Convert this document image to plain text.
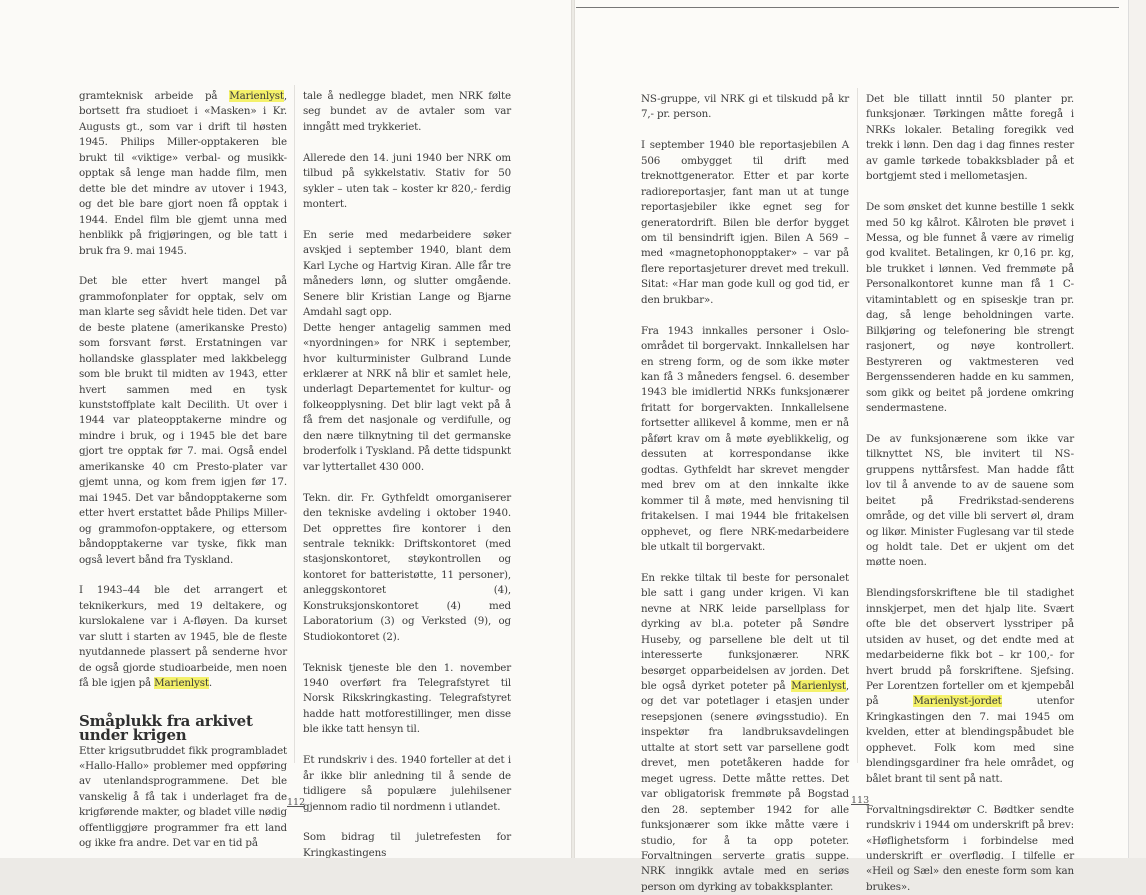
gramteknisk arbeide på Marienlyst, bortsett fra studioet i «Masken» i Kr. Augusts gt., som var i drift til høsten 1945. Philips Miller-opptakeren ble brukt til «viktige» verbal- og musikk-opptak så lenge man hadde film, men dette ble det mindre av utover i 1943, og det ble bare gjort noen få opptak i 1944. Endel film ble gjemt unna med henblikk på frigjøringen, og ble tatt i bruk fra 9. mai 1945.

Det ble etter hvert mangel på grammofonplater for opptak, selv om man klarte seg såvidt hele tiden. Det var de beste platene (amerikanske Presto) som forsvant først. Erstatningen var hollandske glassplater med lakkbelegg som ble brukt til midten av 1943, etter hvert sammen med en tysk kunststoffplate kalt Decilith. Ut over i 1944 var plateopptakerne mindre og mindre i bruk, og i 1945 ble det bare gjort tre opptak før 7. mai. Også endel amerikanske 40 cm Presto-plater var gjemt unna, og kom frem igjen før 17. mai 1945. Det var båndopptakerne som etter hvert erstattet både Philips Miller- og grammofon-opptakere, og ettersom båndopptakerne var tyske, fikk man også levert bånd fra Tyskland.

I 1943–44 ble det arrangert et teknikerkurs, med 19 deltakere, og kurslokalene var i A-fløyen. Da kurset var slutt i starten av 1945, ble de fleste nyutdannede plassert på senderne hvor de også gjorde studioarbeide, men noen få ble igjen på Marienlyst.

Småplukk fra arkivet
under krigen

Etter krigsutbruddet fikk programbladet «Hallo-Hallo» problemer med oppføring av utenlandsprogrammene. Det ble vanskelig å få tak i underlaget fra de krigførende makter, og bladet ville nødig offentliggjøre programmer fra ett land og ikke fra andre. Det var en tid på

tale å nedlegge bladet, men NRK følte seg bundet av de avtaler som var inngått med trykkeriet.

Allerede den 14. juni 1940 ber NRK om tilbud på sykkelstativ. Stativ for 50 sykler – uten tak – koster kr 820,- ferdig montert.

En serie med medarbeidere søker avskjed i september 1940, blant dem Karl Lyche og Hartvig Kiran. Alle får tre måneders lønn, og slutter omgående. Senere blir Kristian Lange og Bjarne Amdahl sagt opp.

Dette henger antagelig sammen med «nyordningen» for NRK i september, hvor kulturminister Gulbrand Lunde erklærer at NRK nå blir et samlet hele, underlagt Departementet for kultur- og folkeopplysning. Det blir lagt vekt på å få frem det nasjonale og verdifulle, og den nære tilknytning til det germanske broderfolk i Tyskland. På dette tidspunkt var lyttertallet 430 000.

Tekn. dir. Fr. Gythfeldt omorganiserer den tekniske avdeling i oktober 1940. Det opprettes fire kontorer i den sentrale teknikk: Driftskontoret (med stasjonskontoret, støykontrollen og kontoret for batteristøtte, 11 personer), anleggskontoret (4), Konstruksjonskontoret (4) med Laboratorium (3) og Verksted (9), og Studiokontoret (2).

Teknisk tjeneste ble den 1. november 1940 overført fra Telegrafstyret til Norsk Rikskringkasting. Telegrafstyret hadde hatt motforestillinger, men disse ble ikke tatt hensyn til.

Et rundskriv i des. 1940 forteller at det i år ikke blir anledning til å sende de tidligere så populære julehilsener gjennom radio til nordmenn i utlandet.

Som bidrag til juletrefesten for Kringkastingens

NS-gruppe, vil NRK gi et tilskudd på kr 7,- pr. person.

I september 1940 ble reportasjebilen A 506 ombygget til drift med treknottgenerator. Etter et par korte radioreportasjer, fant man ut at tunge reportasjebiler ikke egnet seg for generatordrift. Bilen ble derfor bygget om til bensindrift igjen. Bilen A 569 – med «magnetophonopptaker» – var på flere reportasjeturer drevet med trekull. Sitat: «Har man gode kull og god tid, er den brukbar».

Fra 1943 innkalles personer i Oslo-området til borgervakt. Innkallelsen har en streng form, og de som ikke møter kan få 3 måneders fengsel. 6. desember 1943 ble imidlertid NRKs funksjonærer fritatt for borgervakten. Innkallelsene fortsetter allikevel å komme, men er nå påført krav om å møte øyeblikkelig, og dessuten at korrespondanse ikke godtas. Gythfeldt har skrevet mengder med brev om at den innkalte ikke kommer til å møte, med henvisning til fritakelsen. I mai 1944 ble fritakelsen opphevet, og flere NRK-medarbeidere ble utkalt til borgervakt.

En rekke tiltak til beste for personalet ble satt i gang under krigen. Vi kan nevne at NRK leide parsellplass for dyrking av bl.a. poteter på Søndre Huseby, og parsellene ble delt ut til interesserte funksjonærer. NRK besørget opparbeidelsen av jorden. Det ble også dyrket poteter på Marienlyst, og det var potetlager i etasjen under resepsjonen (senere øvingsstudio). En inspektør fra landbruksavdelingen uttalte at stort sett var parsellene godt drevet, men potetåkeren hadde for meget ugress. Dette måtte rettes. Det var obligatorisk fremmøte på Bogstad den 28. september 1942 for alle funksjonærer som ikke måtte være i studio, for å ta opp poteter. Forvaltningen serverte gratis suppe. NRK inngikk avtale med en seriøs person om dyrking av tobakksplanter.

Det ble tillatt inntil 50 planter pr. funksjonær. Tørkingen måtte foregå i NRKs lokaler. Betaling foregikk ved trekk i lønn. Den dag i dag finnes rester av gamle tørkede tobakksblader på et bortgjemt sted i mellometasjen.

De som ønsket det kunne bestille 1 sekk med 50 kg kålrot. Kålroten ble prøvet i Messa, og ble funnet å være av rimelig god kvalitet. Betalingen, kr 0,16 pr. kg, ble trukket i lønnen. Ved fremmøte på Personalkontoret kunne man få 1 C-vitamintablett og en spiseskje tran pr. dag, så lenge beholdningen varte. Bilkjøring og telefonering ble strengt rasjonert, og nøye kontrollert. Bestyreren og vaktmesteren ved Bergenssenderen hadde en ku sammen, som gikk og beitet på jordene omkring sendermastene.

De av funksjonærene som ikke var tilknyttet NS, ble invitert til NS-gruppens nyttårsfest. Man hadde fått lov til å anvende to av de sauene som beitet på Fredrikstad-senderens område, og det ville bli servert øl, dram og likør. Minister Fuglesang var til stede og holdt tale. Det er ukjent om det møtte noen.

Blendingsforskriftene ble til stadighet innskjerpet, men det hjalp lite. Svært ofte ble det observert lysstriper på utsiden av huset, og det endte med at medarbeiderne fikk bot – kr 100,- for hvert brudd på forskriftene. Sjefsing. Per Lorentzen forteller om et kjempebål på Marienlyst-jordet utenfor Kringkastingen den 7. mai 1945 om kvelden, etter at blendingspåbudet ble opphevet. Folk kom med sine blendingsgardiner fra hele området, og bålet brant til sent på natt.

Forvaltningsdirektør C. Bødtker sendte rundskriv i 1944 om underskrift på brev: «Høflighetsform i forbindelse med underskrift er overflødig. I tilfelle er «Heil og Sæl» den eneste form som kan brukes».

112	113
